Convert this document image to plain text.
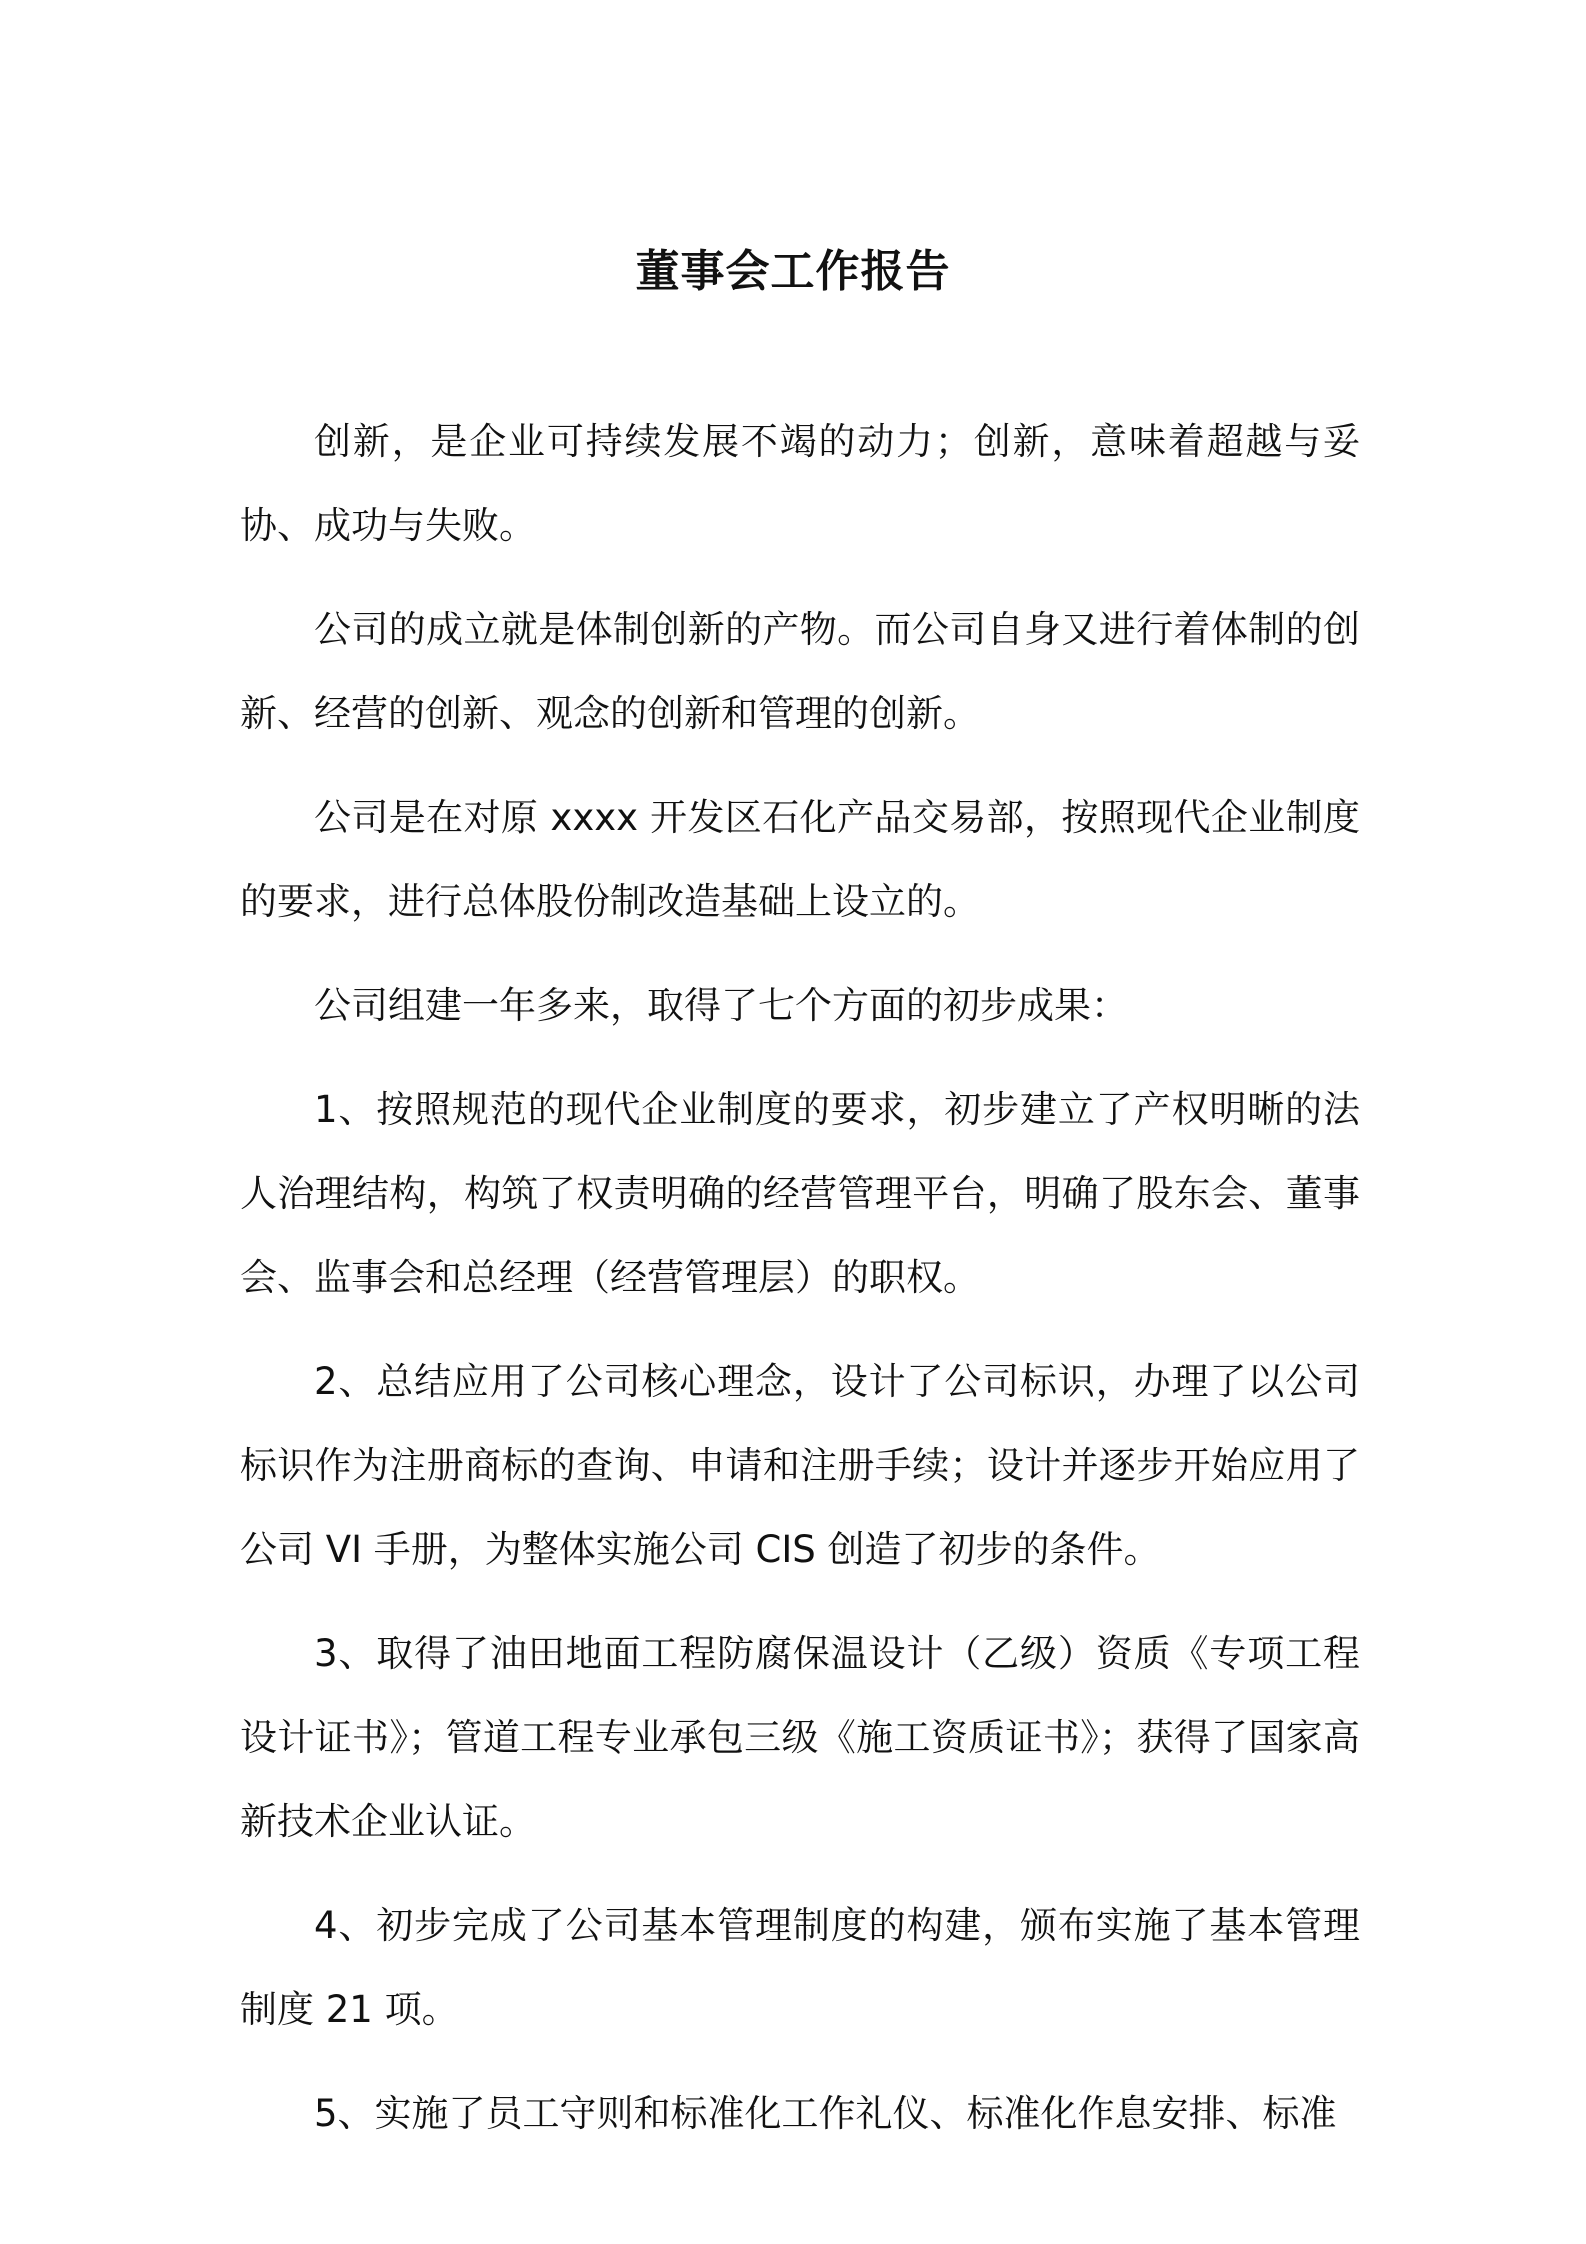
董事会工作报告

创新，是企业可持续发展不竭的动力；创新，意味着超越与妥协、成功与失败。

公司的成立就是体制创新的产物。而公司自身又进行着体制的创新、经营的创新、观念的创新和管理的创新。

公司是在对原 xxxx 开发区石化产品交易部，按照现代企业制度的要求，进行总体股份制改造基础上设立的。

公司组建一年多来，取得了七个方面的初步成果：

1、按照规范的现代企业制度的要求，初步建立了产权明晰的法人治理结构，构筑了权责明确的经营管理平台，明确了股东会、董事会、监事会和总经理（经营管理层）的职权。

2、总结应用了公司核心理念，设计了公司标识，办理了以公司标识作为注册商标的查询、申请和注册手续；设计并逐步开始应用了公司 VI 手册，为整体实施公司 CIS 创造了初步的条件。

3、取得了油田地面工程防腐保温设计（乙级）资质《专项工程设计证书》；管道工程专业承包三级《施工资质证书》；获得了国家高新技术企业认证。

4、初步完成了公司基本管理制度的构建，颁布实施了基本管理制度 21 项。

5、实施了员工守则和标准化工作礼仪、标准化作息安排、标准
